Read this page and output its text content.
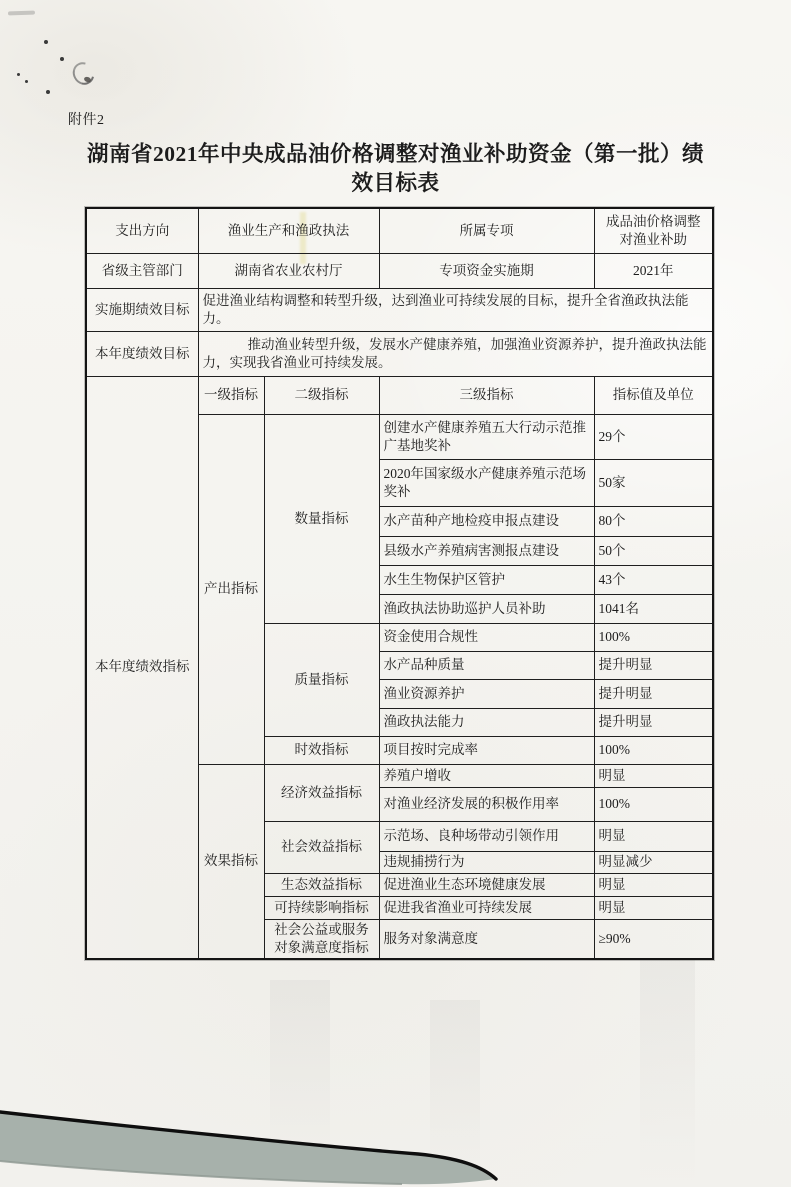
附件2
湖南省2021年中央成品油价格调整对渔业补助资金（第一批）绩
效目标表
支出方向	渔业生产和渔政执法		所属专项	成品油价格调整
对渔业补助

省级主管部门	湖南省农业农村厅		专项资金实施期	2021年
实施期绩效目标	促进渔业结构调整和转型升级，达到渔业可持续发展的目标，提升全省渔政执法能力。			
本年度绩效目标	推动渔业转型升级，发展水产健康养殖，加强渔业资源养护，提升渔政执法能力，实现我省渔业可持续发展。			
本年度绩效指标	一级指标	二级指标	三级指标	指标值及单位
	产出指标	数量指标	创建水产健康养殖五大行动示范推广基地奖补	29个
			2020年国家级水产健康养殖示范场奖补	50家
			水产苗种产地检疫申报点建设	80个
			县级水产养殖病害测报点建设	50个
			水生生物保护区管护	43个
			渔政执法协助巡护人员补助	1041名
		质量指标	资金使用合规性	100%
			水产品种质量	提升明显
			渔业资源养护	提升明显
			渔政执法能力	提升明显
		时效指标	项目按时完成率	100%
	效果指标	经济效益指标	养殖户增收	明显
			对渔业经济发展的积极作用率	100%
		社会效益指标	示范场、良种场带动引领作用	明显
			违规捕捞行为	明显减少
		生态效益指标	促进渔业生态环境健康发展	明显
		可持续影响指标	促进我省渔业可持续发展	明显
		社会公益或服务对象满意度指标	服务对象满意度	≥90%
